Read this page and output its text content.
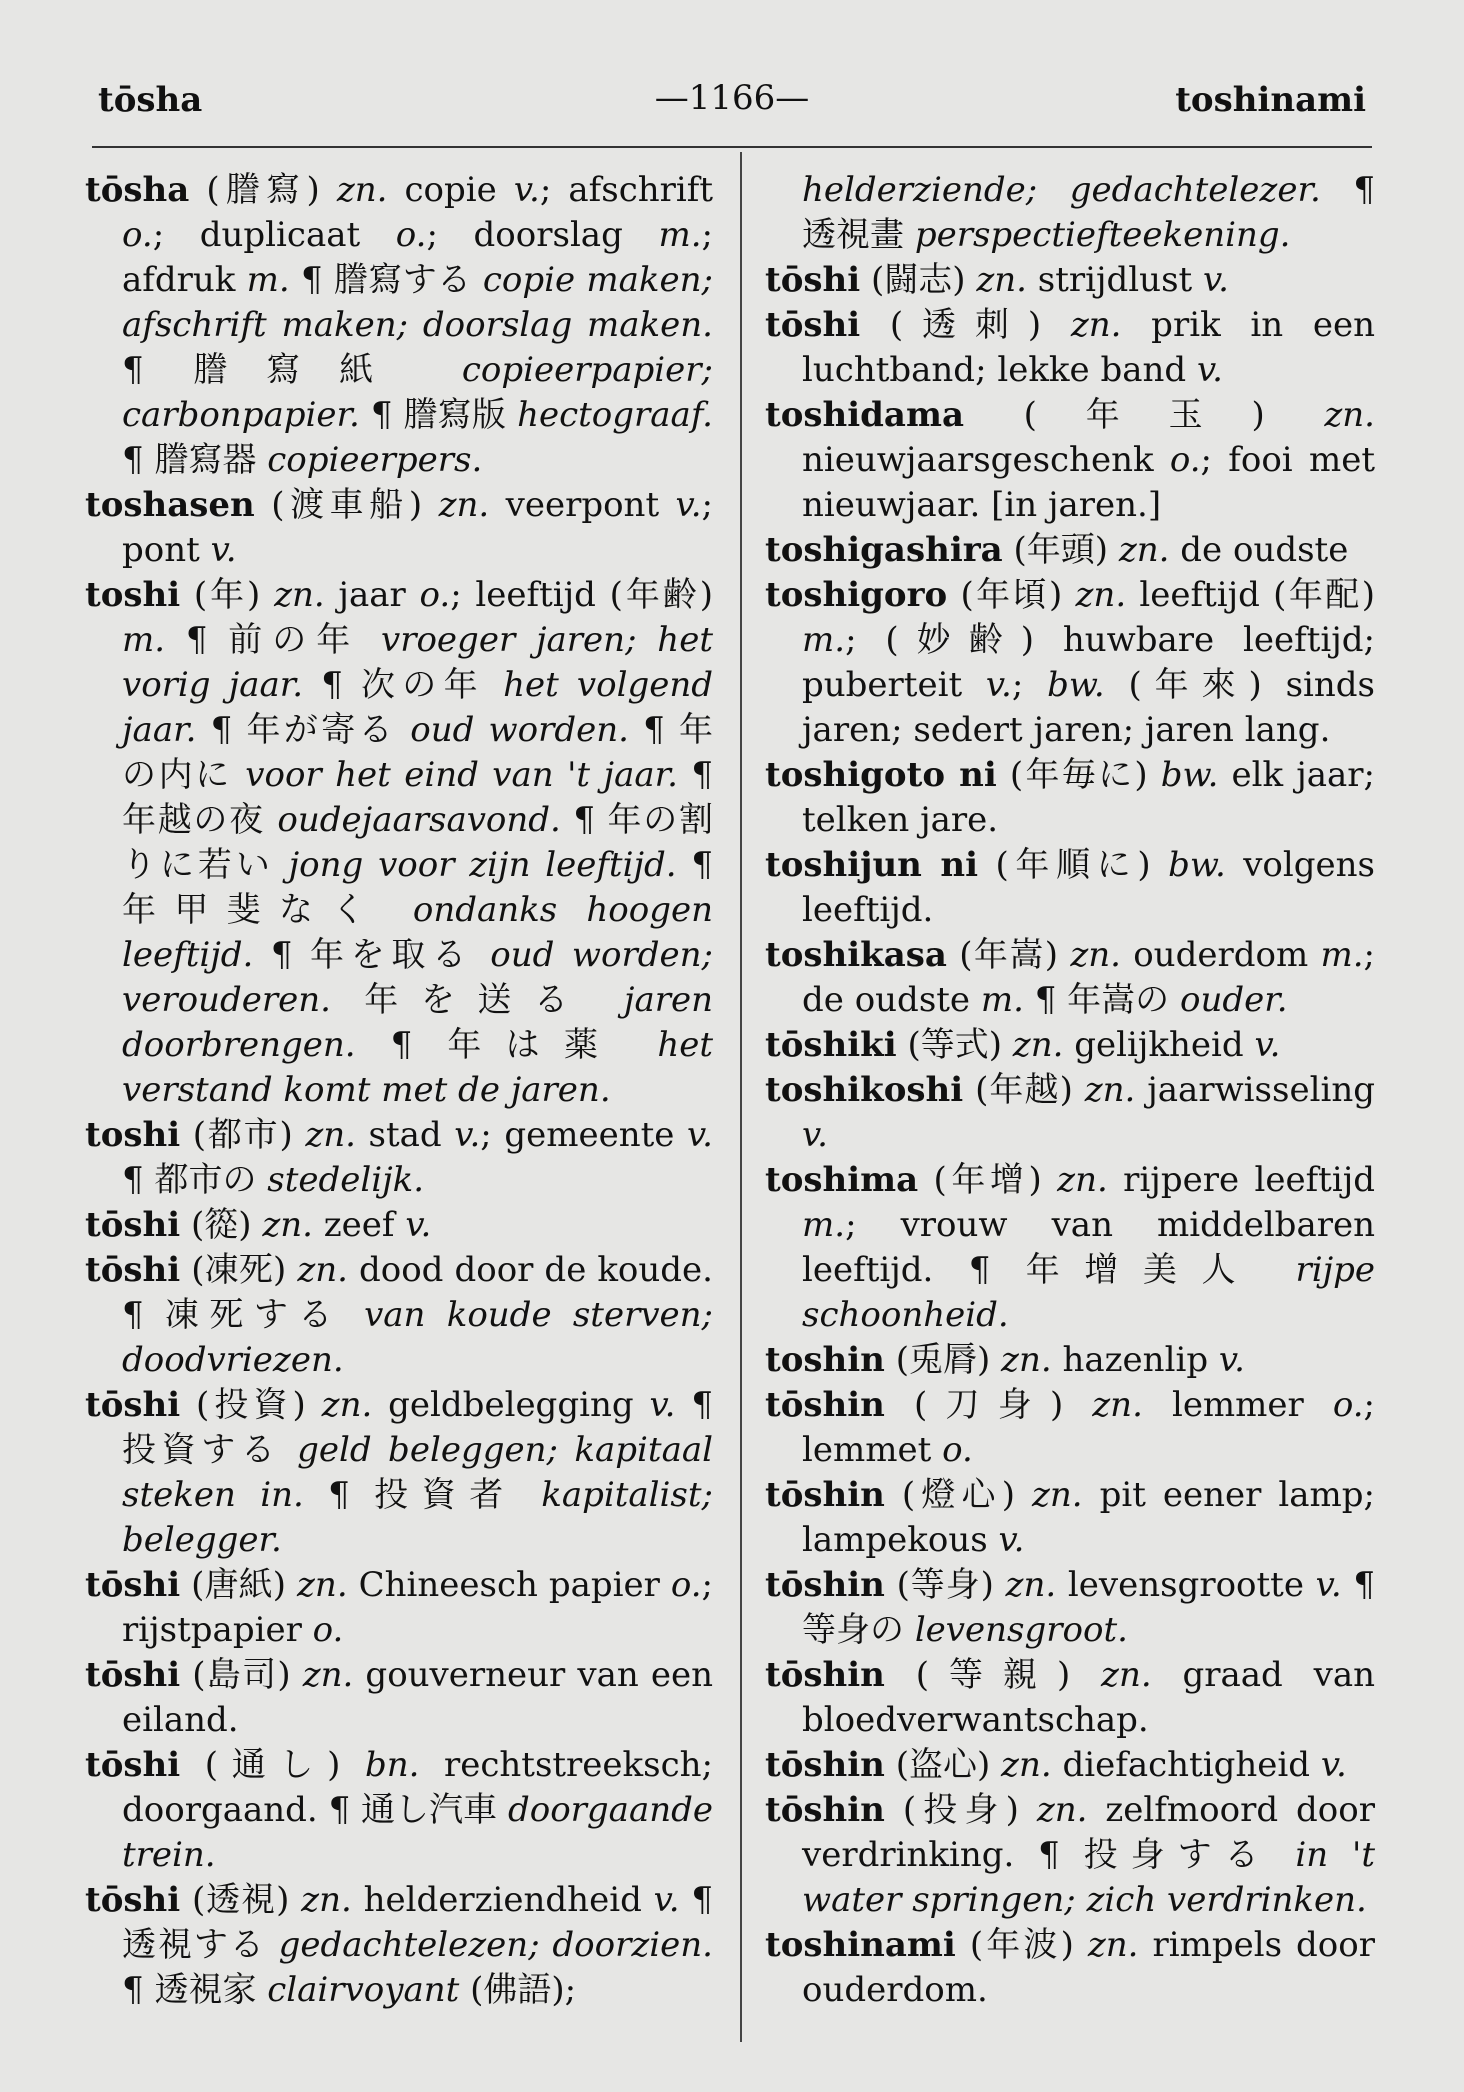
tōsha	—1166—	toshinami

tōsha (謄寫) zn. copie v.; afschrift o.; duplicaat o.; doorslag m.; afdruk m. ¶ 謄寫する copie maken; afschrift maken; doorslag maken. ¶ 謄寫紙 copieerpapier; carbonpapier. ¶ 謄寫版 hectograaf. ¶ 謄寫器 copieerpers.

toshasen (渡車船) zn. veerpont v.; pont v.

toshi (年) zn. jaar o.; leeftijd (年齢) m. ¶ 前の年 vroeger jaren; het vorig jaar. ¶ 次の年 het volgend jaar. ¶ 年が寄る oud worden. ¶ 年の内に voor het eind van 't jaar. ¶ 年越の夜 oudejaarsavond. ¶ 年の割りに若い jong voor zijn leeftijd. ¶ 年甲斐なく ondanks hoogen leeftijd. ¶ 年を取る oud worden; verouderen. 年を送る jaren doorbrengen. ¶ 年は薬 het verstand komt met de jaren.

toshi (都市) zn. stad v.; gemeente v. ¶ 都市の stedelijk.

tōshi (篵) zn. zeef v.

tōshi (凍死) zn. dood door de koude. ¶ 凍死する van koude sterven; doodvriezen.

tōshi (投資) zn. geldbelegging v. ¶ 投資する geld beleggen; kapitaal steken in. ¶ 投資者 kapitalist; belegger.

tōshi (唐紙) zn. Chineesch papier o.; rijstpapier o.

tōshi (島司) zn. gouverneur van een eiland.

tōshi (通し) bn. rechtstreeksch; doorgaand. ¶ 通し汽車 doorgaande trein.

tōshi (透視) zn. helderziendheid v. ¶ 透視する gedachtelezen; doorzien. ¶ 透視家 clairvoyant (佛語);

helderziende; gedachtelezer. ¶ 透視畫 perspectiefteekening.

tōshi (闘志) zn. strijdlust v.

tōshi (透刺) zn. prik in een luchtband; lekke band v.

toshidama (年玉) zn. nieuwjaarsgeschenk o.; fooi met nieuwjaar. [in jaren.]

toshigashira (年頭) zn. de oudste

toshigoro (年頃) zn. leeftijd (年配) m.; (妙齢) huwbare leeftijd; puberteit v.; bw. (年來) sinds jaren; sedert jaren; jaren lang.

toshigoto ni (年毎に) bw. elk jaar; telken jare.

toshijun ni (年順に) bw. volgens leeftijd.

toshikasa (年嵩) zn. ouderdom m.; de oudste m. ¶ 年嵩の ouder.

tōshiki (等式) zn. gelijkheid v.

toshikoshi (年越) zn. jaarwisseling v.

toshima (年增) zn. rijpere leeftijd m.; vrouw van middelbaren leeftijd. ¶ 年增美人 rijpe schoonheid.

toshin (兎脣) zn. hazenlip v.

tōshin (刀身) zn. lemmer o.; lemmet o.

tōshin (燈心) zn. pit eener lamp; lampekous v.

tōshin (等身) zn. levensgrootte v. ¶ 等身の levensgroot.

tōshin (等親) zn. graad van bloedverwantschap.

tōshin (盗心) zn. diefachtigheid v.

tōshin (投身) zn. zelfmoord door verdrinking. ¶ 投身する in 't water springen; zich verdrinken.

toshinami (年波) zn. rimpels door ouderdom.
